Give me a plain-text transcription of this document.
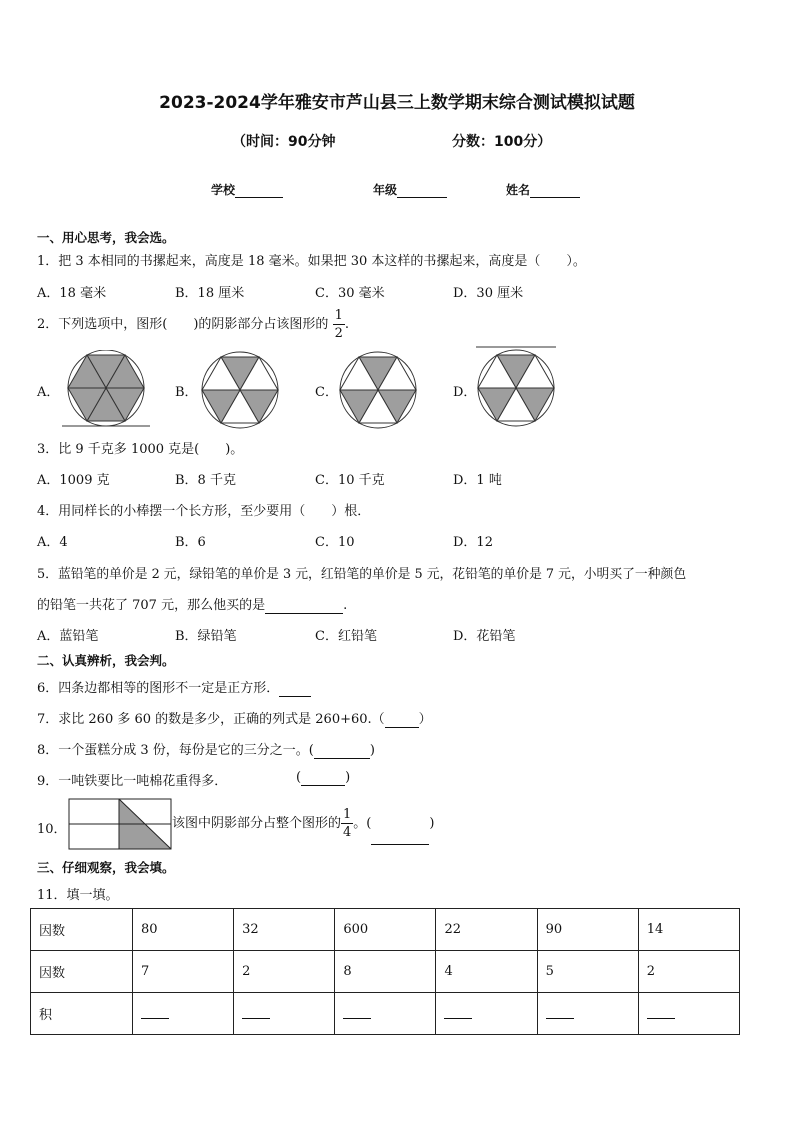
2023-2024学年雅安市芦山县三上数学期末综合测试模拟试题
（时间：90分钟	分数：100分）
学校	年级	姓名
一、用心思考，我会选。
1．把 3 本相同的书摞起来，高度是 18 毫米。如果把 30 本这样的书摞起来，高度是（　　）。
A．18 毫米	B．18 厘米	C．30 毫米	D．30 厘米
2．下列选项中，图形(　　)的阴影部分占该图形的 $\frac{1}{2}$ .
A．	B．	C．	D．
3．比 9 千克多 1000 克是(　　)。
A．1009 克	B．8 千克	C．10 千克	D．1 吨
4．用同样长的小棒摆一个长方形，至少要用（　　）根．
A．4	B．6	C．10	D．12
5．蓝铅笔的单价是 2 元，绿铅笔的单价是 3 元，红铅笔的单价是 5 元，花铅笔的单价是 7 元，小明买了一种颜色
的铅笔一共花了 707 元，那么他买的是	.
A．蓝铅笔	B．绿铅笔	C．红铅笔	D．花铅笔
二、认真辨析，我会判。
6．四条边都相等的图形不一定是正方形．
7．求比 260 多 60 的数是多少，正确的列式是 260+60.（	）
8．一个蛋糕分成 3 份，每份是它的三分之一。(	)
9．一吨铁要比一吨棉花重得多．	(	)
10．	该图中阴影部分占整个图形的 $\frac{1}{4}$ 。(	)
三、仔细观察，我会填。
11．填一填。
因数	80	32	600	22	90	14
因数	7	2	8	4	5	2
积						
